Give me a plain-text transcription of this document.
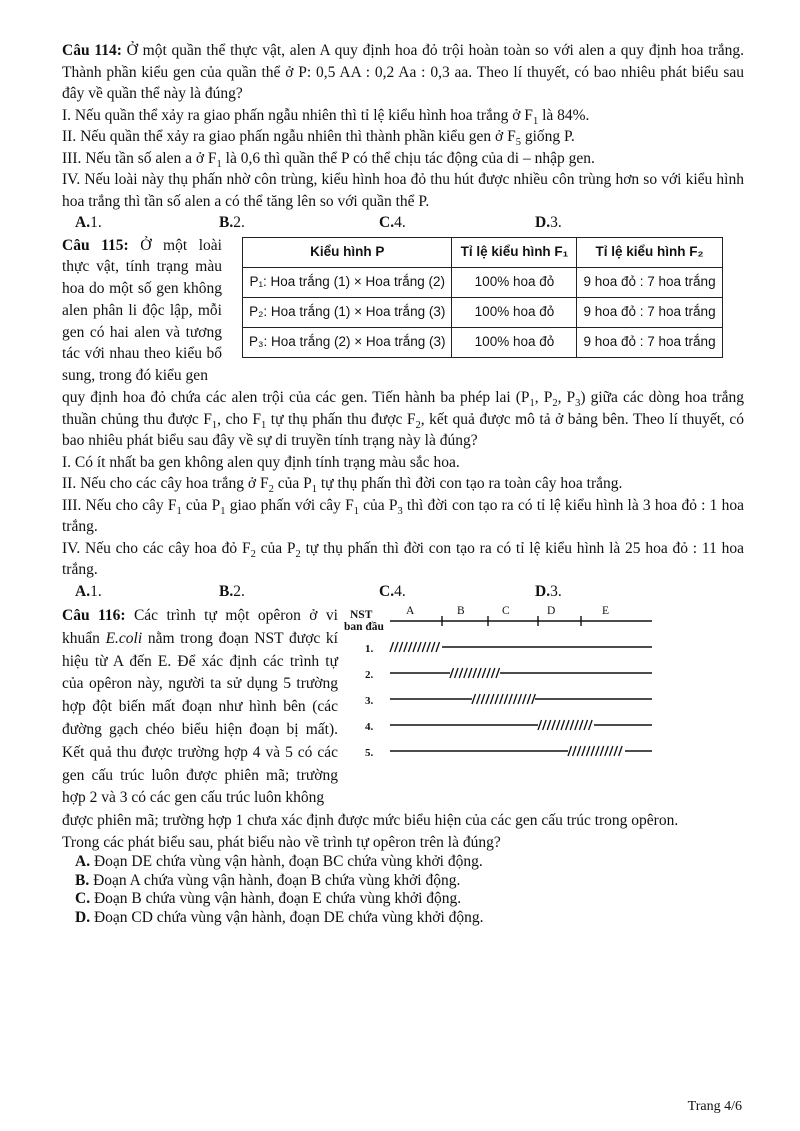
Câu 114: Ở một quần thể thực vật, alen A quy định hoa đỏ trội hoàn toàn so với alen a quy định hoa trắng. Thành phần kiểu gen của quần thể ở P: 0,5 AA : 0,2 Aa : 0,3 aa. Theo lí thuyết, có bao nhiêu phát biểu sau đây về quần thể này là đúng?

I. Nếu quần thể xảy ra giao phấn ngẫu nhiên thì tỉ lệ kiểu hình hoa trắng ở $F_1$ là 84%.

II. Nếu quần thể xảy ra giao phấn ngẫu nhiên thì thành phần kiểu gen ở $F_5$ giống P.

III. Nếu tần số alen a ở $F_1$ là 0,6 thì quần thể P có thể chịu tác động của di – nhập gen.

IV. Nếu loài này thụ phấn nhờ côn trùng, kiểu hình hoa đỏ thu hút được nhiều côn trùng hơn so với kiểu hình hoa trắng thì tần số alen a có thể tăng lên so với quần thể P.

A.1.	B.2.	C.4.	D.3.

Câu 115: Ở một loài thực vật, tính trạng màu hoa do một số gen không alen phân li độc lập, mỗi gen có hai alen và tương tác với nhau theo kiểu bổ sung, trong đó kiểu gen

Kiểu hình P	Tỉ lệ kiểu hình F₁	Tỉ lệ kiểu hình F₂
P₁: Hoa trắng (1) × Hoa trắng (2)	100% hoa đỏ	9 hoa đỏ : 7 hoa trắng
P₂: Hoa trắng (1) × Hoa trắng (3)	100% hoa đỏ	9 hoa đỏ : 7 hoa trắng
P₃: Hoa trắng (2) × Hoa trắng (3)	100% hoa đỏ	9 hoa đỏ : 7 hoa trắng

quy định hoa đỏ chứa các alen trội của các gen. Tiến hành ba phép lai ($P_1$, $P_2$, $P_3$) giữa các dòng hoa trắng thuần chủng thu được $F_1$, cho $F_1$ tự thụ phấn thu được $F_2$, kết quả được mô tả ở bảng bên. Theo lí thuyết, có bao nhiêu phát biểu sau đây về sự di truyền tính trạng này là đúng?

I. Có ít nhất ba gen không alen quy định tính trạng màu sắc hoa.

II. Nếu cho các cây hoa trắng ở $F_2$ của $P_1$ tự thụ phấn thì đời con tạo ra toàn cây hoa trắng.

III. Nếu cho cây $F_1$ của $P_1$ giao phấn với cây $F_1$ của $P_3$ thì đời con tạo ra có tỉ lệ kiểu hình là 3 hoa đỏ : 1 hoa trắng.

IV. Nếu cho các cây hoa đỏ $F_2$ của $P_2$ tự thụ phấn thì đời con tạo ra có tỉ lệ kiểu hình là 25 hoa đỏ : 11 hoa trắng.

A.1.	B.2.	C.4.	D.3.

Câu 116: Các trình tự một opêron ở vi khuẩn E.coli nằm trong đoạn NST được kí hiệu từ A đến E. Để xác định các trình tự của opêron này, người ta sử dụng 5 trường hợp đột biến mất đoạn như hình bên (các đường gạch chéo biểu hiện đoạn bị mất). Kết quả thu được trường hợp 4 và 5 có các gen cấu trúc luôn được phiên mã; trường hợp 2 và 3 có các gen cấu trúc luôn không

NST
ban đầu
A	B	C	D	E
1.
2.
3.
4.
5.

được phiên mã; trường hợp 1 chưa xác định được mức biểu hiện của các gen cấu trúc trong opêron.

Trong các phát biểu sau, phát biểu nào về trình tự opêron trên là đúng?

A. Đoạn DE chứa vùng vận hành, đoạn BC chứa vùng khởi động.

B. Đoạn A chứa vùng vận hành, đoạn B chứa vùng khởi động.

C. Đoạn B chứa vùng vận hành, đoạn E chứa vùng khởi động.

D. Đoạn CD chứa vùng vận hành, đoạn DE chứa vùng khởi động.

Trang 4/6
